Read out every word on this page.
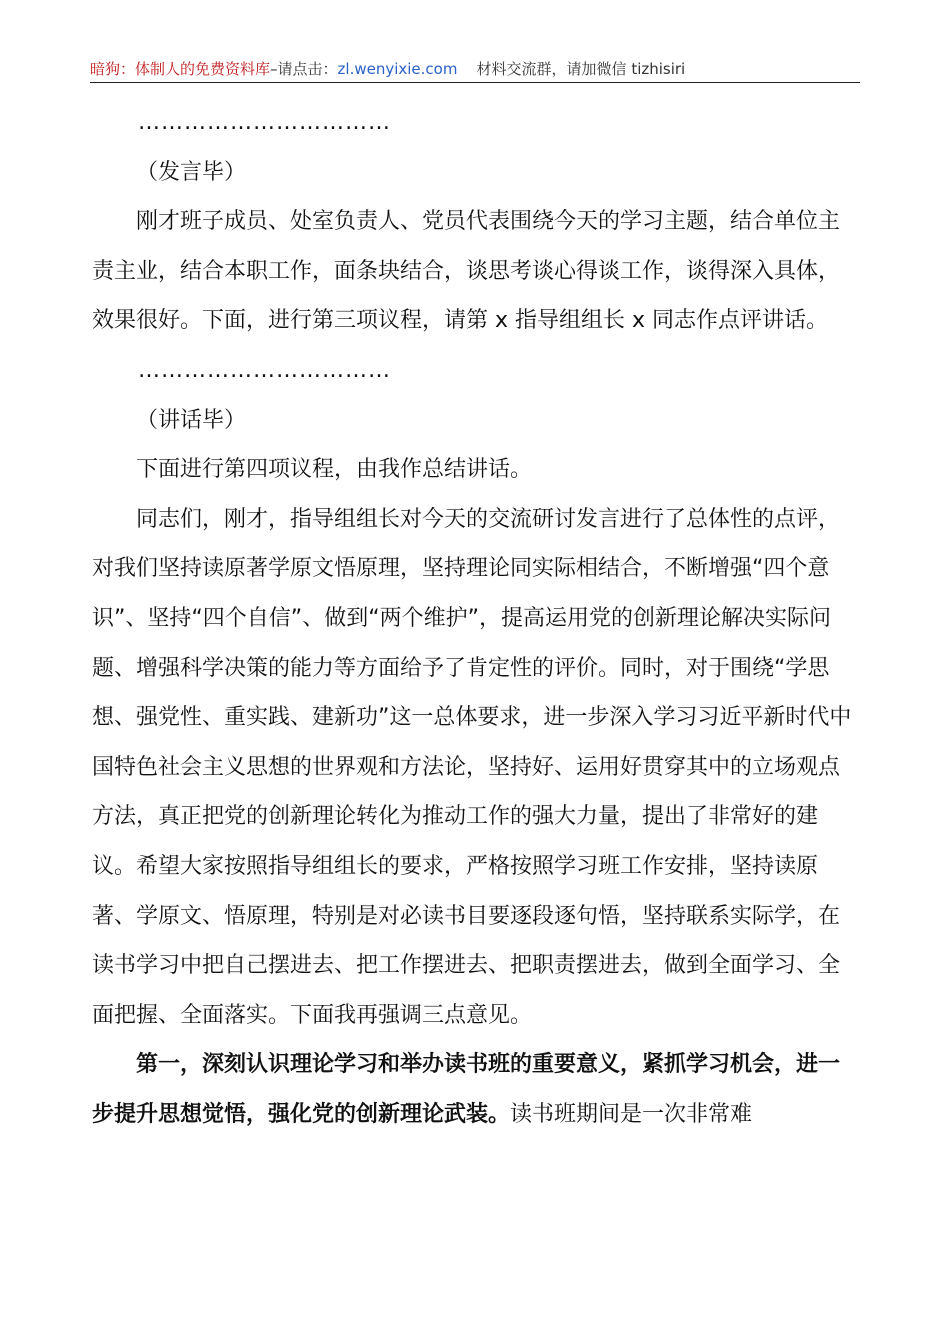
暗狗：体制人的免费资料库–请点击：zl.wenyixie.com 材料交流群，请加微信 tizhisiri

……………………………

（发言毕）

刚才班子成员、处室负责人、党员代表围绕今天的学习主题，结合单位主责主业，结合本职工作，面条块结合，谈思考谈心得谈工作，谈得深入具体，效果很好。下面，进行第三项议程，请第 x 指导组组长 x 同志作点评讲话。

……………………………

（讲话毕）

下面进行第四项议程，由我作总结讲话。

同志们，刚才，指导组组长对今天的交流研讨发言进行了总体性的点评，对我们坚持读原著学原文悟原理，坚持理论同实际相结合，不断增强“四个意识”、坚持“四个自信”、做到“两个维护”，提高运用党的创新理论解决实际问题、增强科学决策的能力等方面给予了肯定性的评价。同时，对于围绕“学思想、强党性、重实践、建新功”这一总体要求，进一步深入学习习近平新时代中国特色社会主义思想的世界观和方法论，坚持好、运用好贯穿其中的立场观点方法，真正把党的创新理论转化为推动工作的强大力量，提出了非常好的建议。希望大家按照指导组组长的要求，严格按照学习班工作安排，坚持读原著、学原文、悟原理，特别是对必读书目要逐段逐句悟，坚持联系实际学，在读书学习中把自己摆进去、把工作摆进去、把职责摆进去，做到全面学习、全面把握、全面落实。下面我再强调三点意见。

第一，深刻认识理论学习和举办读书班的重要意义，紧抓学习机会，进一步提升思想觉悟，强化党的创新理论武装。读书班期间是一次非常难
